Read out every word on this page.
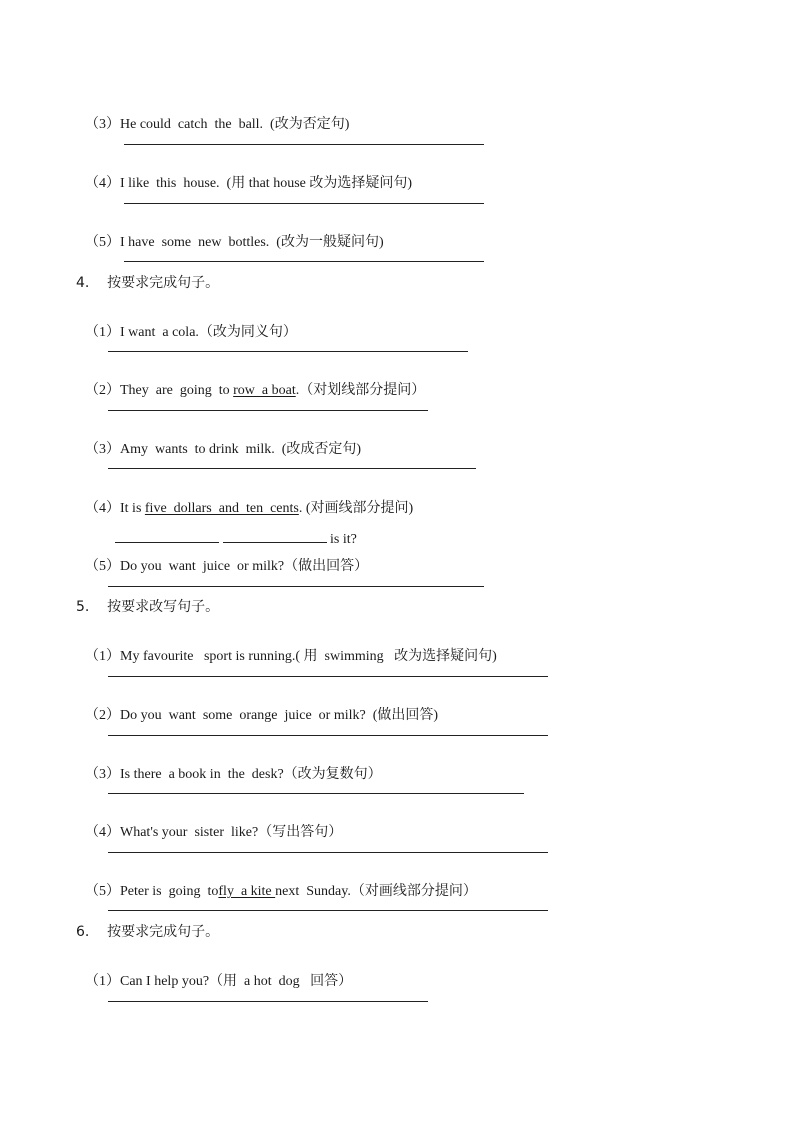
（3）He could  catch  the  ball.  (改为否定句)

（4）I like  this  house.  (用 that house 改为选择疑问句)

（5）I have  some  new  bottles.  (改为一般疑问句)

4.    按要求完成句子。

（1）I want  a cola.（改为同义句）

（2）They  are  going  to row  a boat.（对划线部分提问）

（3）Amy  wants  to drink  milk.  (改成否定句)

（4）It is five  dollars  and  ten  cents. (对画线部分提问)

is it?

（5）Do you  want  juice  or milk?（做出回答）

5.    按要求改写句子。

（1）My favourite   sport is running.( 用  swimming   改为选择疑问句)

（2）Do you  want  some  orange  juice  or milk?  (做出回答)

（3）Is there  a book in  the  desk?（改为复数句）

（4）What's your  sister  like?（写出答句）

（5）Peter is  going  tofly  a kite next  Sunday.（对画线部分提问）

6.    按要求完成句子。

（1）Can I help you?（用  a hot  dog   回答）
